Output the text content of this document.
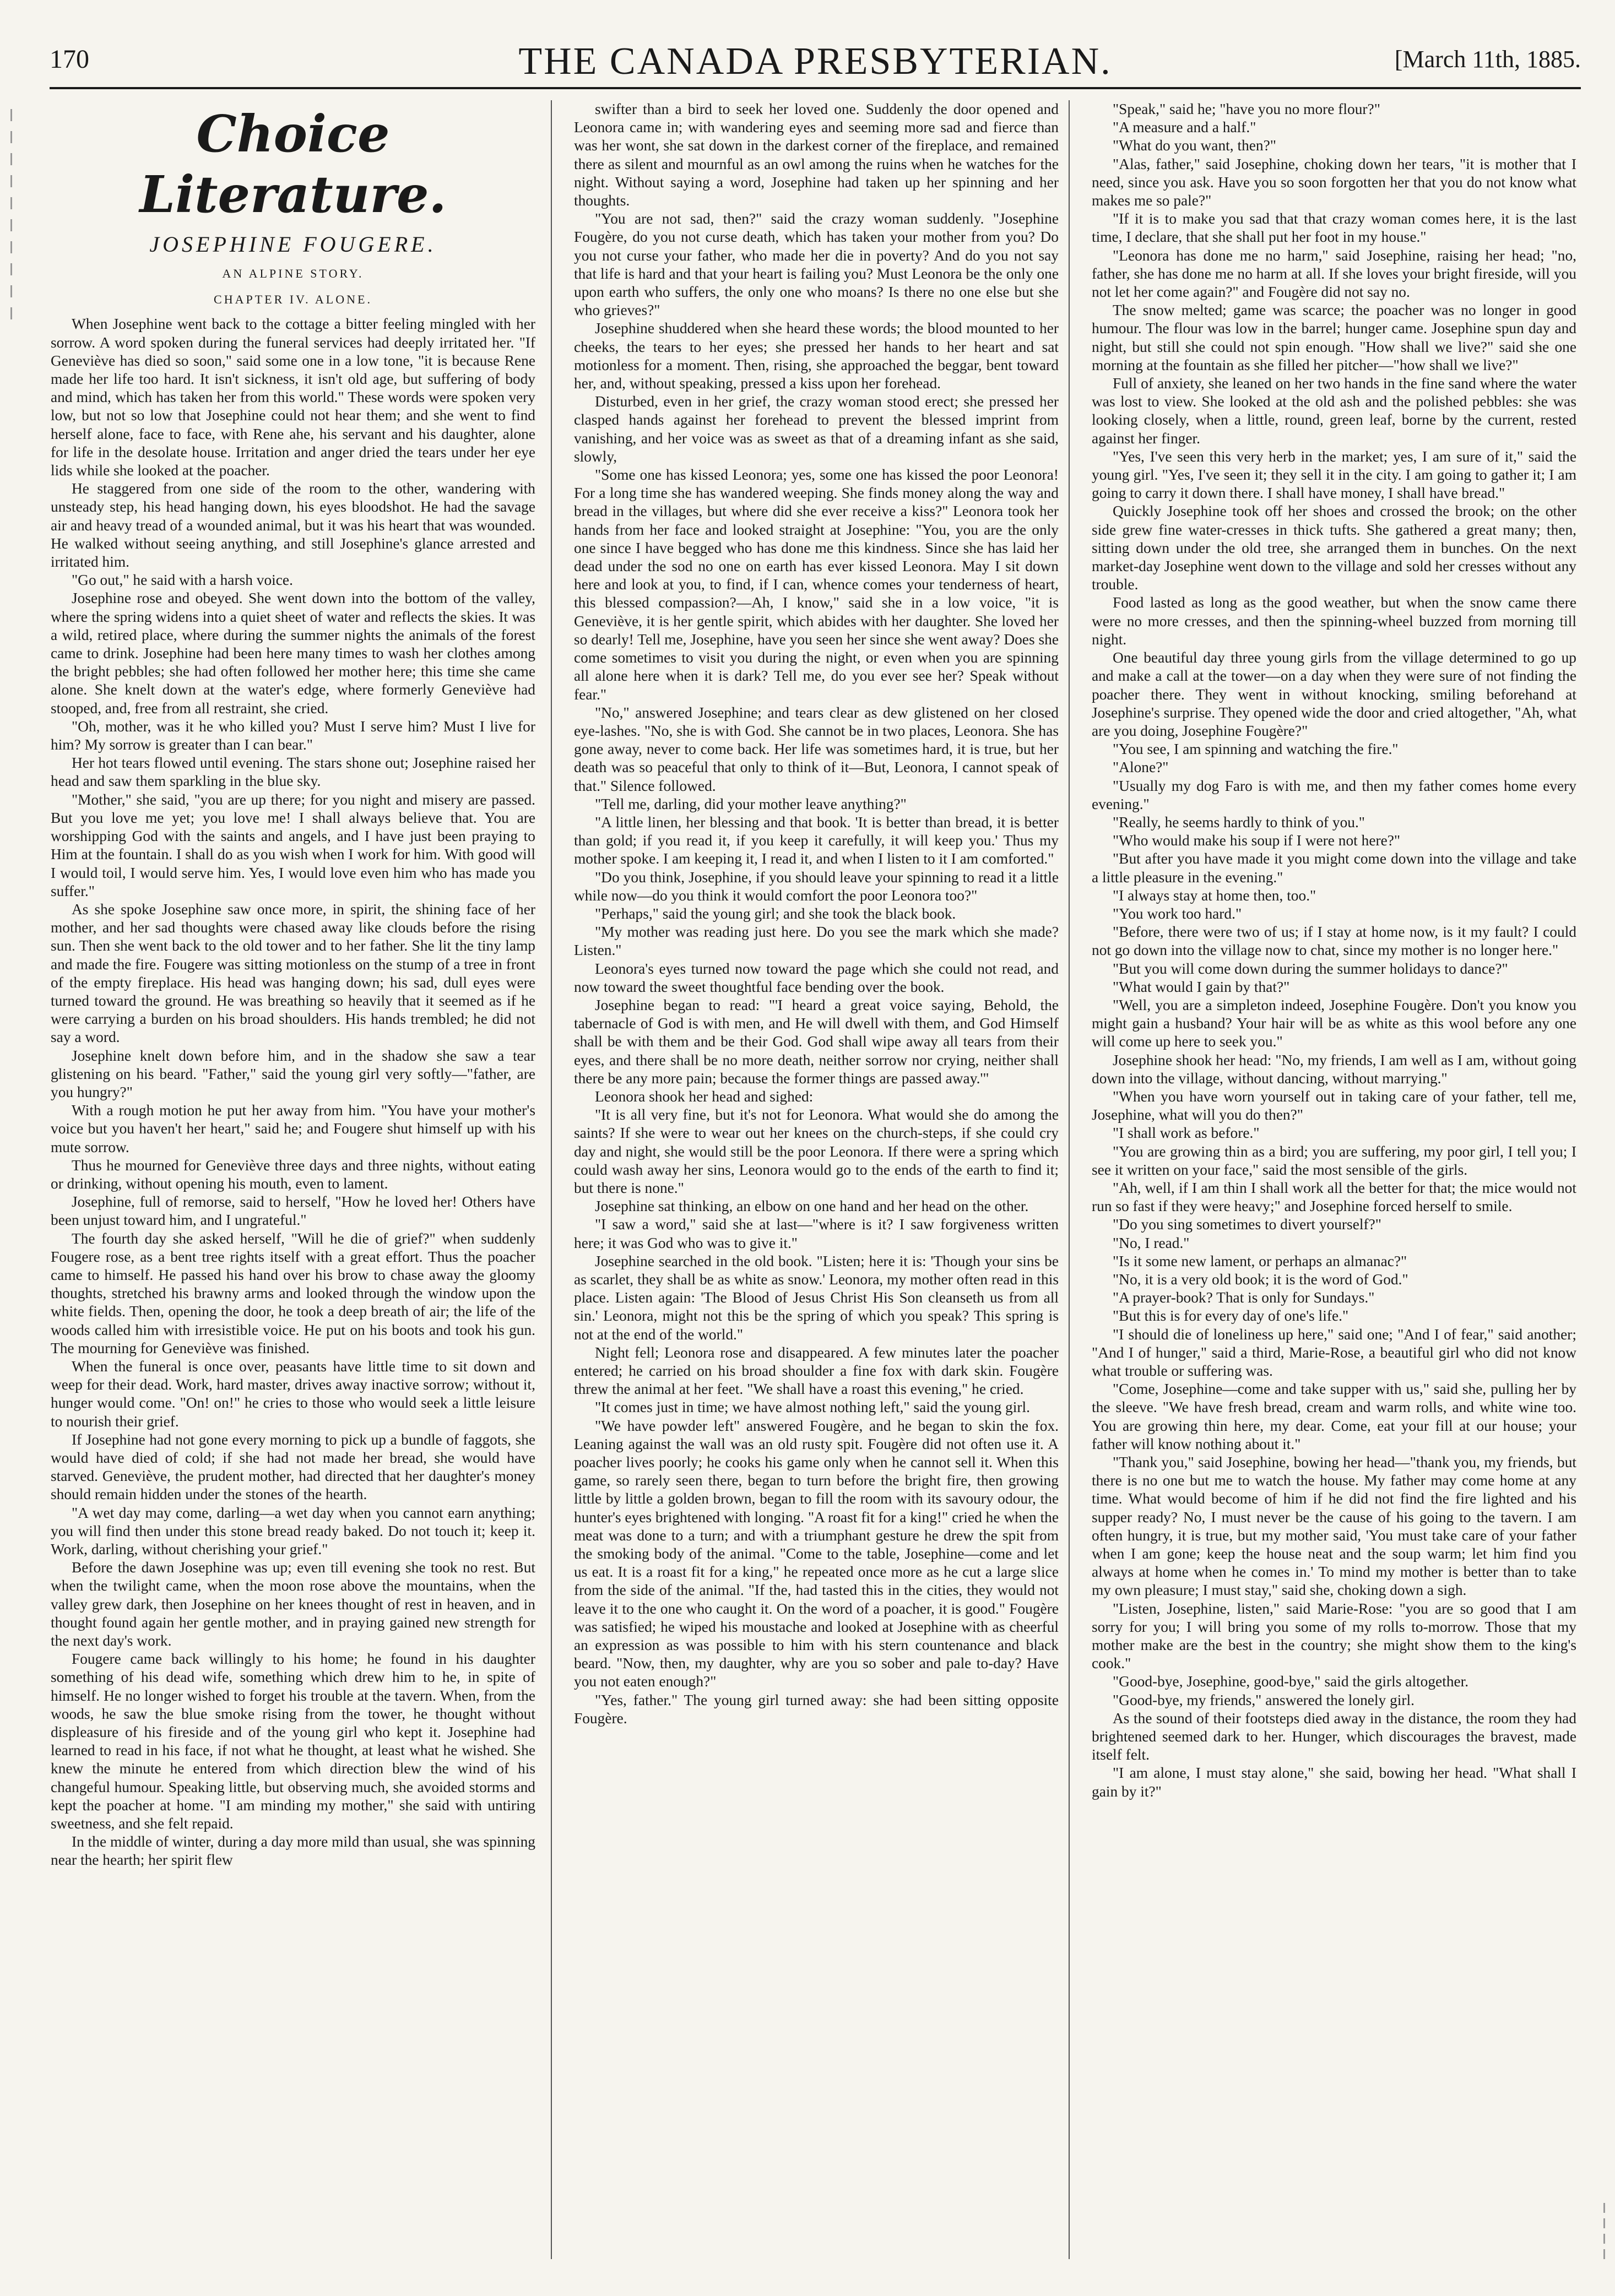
170	THE CANADA PRESBYTERIAN.	[March 11th, 1885.
Choice Literature.
JOSEPHINE FOUGERE.
AN ALPINE STORY.
CHAPTER IV. ALONE.

When Josephine went back to the cottage a bitter feeling mingled with her sorrow. A word spoken during the funeral services had deeply irritated her. "If Geneviève has died so soon," said some one in a low tone, "it is because Rene made her life too hard. It isn't sickness, it isn't old age, but suffering of body and mind, which has taken her from this world." These words were spoken very low, but not so low that Josephine could not hear them; and she went to find herself alone, face to face, with Rene ahe, his servant and his daughter, alone for life in the desolate house. Irritation and anger dried the tears under her eye lids while she looked at the poacher.

He staggered from one side of the room to the other, wandering with unsteady step, his head hanging down, his eyes bloodshot. He had the savage air and heavy tread of a wounded animal, but it was his heart that was wounded. He walked without seeing anything, and still Josephine's glance arrested and irritated him.

"Go out," he said with a harsh voice.

Josephine rose and obeyed. She went down into the bottom of the valley, where the spring widens into a quiet sheet of water and reflects the skies. It was a wild, retired place, where during the summer nights the animals of the forest came to drink. Josephine had been here many times to wash her clothes among the bright pebbles; she had often followed her mother here; this time she came alone. She knelt down at the water's edge, where formerly Geneviève had stooped, and, free from all restraint, she cried.

"Oh, mother, was it he who killed you? Must I serve him? Must I live for him? My sorrow is greater than I can bear."

Her hot tears flowed until evening. The stars shone out; Josephine raised her head and saw them sparkling in the blue sky.

"Mother," she said, "you are up there; for you night and misery are passed. But you love me yet; you love me! I shall always believe that. You are worshipping God with the saints and angels, and I have just been praying to Him at the fountain. I shall do as you wish when I work for him. With good will I would toil, I would serve him. Yes, I would love even him who has made you suffer."

As she spoke Josephine saw once more, in spirit, the shining face of her mother, and her sad thoughts were chased away like clouds before the rising sun. Then she went back to the old tower and to her father. She lit the tiny lamp and made the fire. Fougere was sitting motionless on the stump of a tree in front of the empty fireplace. His head was hanging down; his sad, dull eyes were turned toward the ground. He was breathing so heavily that it seemed as if he were carrying a burden on his broad shoulders. His hands trembled; he did not say a word.

Josephine knelt down before him, and in the shadow she saw a tear glistening on his beard. "Father," said the young girl very softly—"father, are you hungry?"

With a rough motion he put her away from him. "You have your mother's voice but you haven't her heart," said he; and Fougere shut himself up with his mute sorrow.

Thus he mourned for Geneviève three days and three nights, without eating or drinking, without opening his mouth, even to lament.

Josephine, full of remorse, said to herself, "How he loved her! Others have been unjust toward him, and I ungrateful."

The fourth day she asked herself, "Will he die of grief?" when suddenly Fougere rose, as a bent tree rights itself with a great effort. Thus the poacher came to himself. He passed his hand over his brow to chase away the gloomy thoughts, stretched his brawny arms and looked through the window upon the white fields. Then, opening the door, he took a deep breath of air; the life of the woods called him with irresistible voice. He put on his boots and took his gun. The mourning for Geneviève was finished.

When the funeral is once over, peasants have little time to sit down and weep for their dead. Work, hard master, drives away inactive sorrow; without it, hunger would come. "On! on!" he cries to those who would seek a little leisure to nourish their grief.

If Josephine had not gone every morning to pick up a bundle of faggots, she would have died of cold; if she had not made her bread, she would have starved. Geneviève, the prudent mother, had directed that her daughter's money should remain hidden under the stones of the hearth.

"A wet day may come, darling—a wet day when you cannot earn anything; you will find then under this stone bread ready baked. Do not touch it; keep it. Work, darling, without cherishing your grief."

Before the dawn Josephine was up; even till evening she took no rest. But when the twilight came, when the moon rose above the mountains, when the valley grew dark, then Josephine on her knees thought of rest in heaven, and in thought found again her gentle mother, and in praying gained new strength for the next day's work.

Fougere came back willingly to his home; he found in his daughter something of his dead wife, something which drew him to he, in spite of himself. He no longer wished to forget his trouble at the tavern. When, from the woods, he saw the blue smoke rising from the tower, he thought without displeasure of his fireside and of the young girl who kept it. Josephine had learned to read in his face, if not what he thought, at least what he wished. She knew the minute he entered from which direction blew the wind of his changeful humour. Speaking little, but observing much, she avoided storms and kept the poacher at home. "I am minding my mother," she said with untiring sweetness, and she felt repaid.

In the middle of winter, during a day more mild than usual, she was spinning near the hearth; her spirit flew

swifter than a bird to seek her loved one. Suddenly the door opened and Leonora came in; with wandering eyes and seeming more sad and fierce than was her wont, she sat down in the darkest corner of the fireplace, and remained there as silent and mournful as an owl among the ruins when he watches for the night. Without saying a word, Josephine had taken up her spinning and her thoughts.

"You are not sad, then?" said the crazy woman suddenly. "Josephine Fougère, do you not curse death, which has taken your mother from you? Do you not curse your father, who made her die in poverty? And do you not say that life is hard and that your heart is failing you? Must Leonora be the only one upon earth who suffers, the only one who moans? Is there no one else but she who grieves?"

Josephine shuddered when she heard these words; the blood mounted to her cheeks, the tears to her eyes; she pressed her hands to her heart and sat motionless for a moment. Then, rising, she approached the beggar, bent toward her, and, without speaking, pressed a kiss upon her forehead.

Disturbed, even in her grief, the crazy woman stood erect; she pressed her clasped hands against her forehead to prevent the blessed imprint from vanishing, and her voice was as sweet as that of a dreaming infant as she said, slowly,

"Some one has kissed Leonora; yes, some one has kissed the poor Leonora! For a long time she has wandered weeping. She finds money along the way and bread in the villages, but where did she ever receive a kiss?" Leonora took her hands from her face and looked straight at Josephine: "You, you are the only one since I have begged who has done me this kindness. Since she has laid her dead under the sod no one on earth has ever kissed Leonora. May I sit down here and look at you, to find, if I can, whence comes your tenderness of heart, this blessed compassion?—Ah, I know," said she in a low voice, "it is Geneviève, it is her gentle spirit, which abides with her daughter. She loved her so dearly! Tell me, Josephine, have you seen her since she went away? Does she come sometimes to visit you during the night, or even when you are spinning all alone here when it is dark? Tell me, do you ever see her? Speak without fear."

"No," answered Josephine; and tears clear as dew glistened on her closed eye-lashes. "No, she is with God. She cannot be in two places, Leonora. She has gone away, never to come back. Her life was sometimes hard, it is true, but her death was so peaceful that only to think of it—But, Leonora, I cannot speak of that." Silence followed.

"Tell me, darling, did your mother leave anything?"

"A little linen, her blessing and that book. 'It is better than bread, it is better than gold; if you read it, if you keep it carefully, it will keep you.' Thus my mother spoke. I am keeping it, I read it, and when I listen to it I am comforted."

"Do you think, Josephine, if you should leave your spinning to read it a little while now—do you think it would comfort the poor Leonora too?"

"Perhaps," said the young girl; and she took the black book.

"My mother was reading just here. Do you see the mark which she made? Listen."

Leonora's eyes turned now toward the page which she could not read, and now toward the sweet thoughtful face bending over the book.

Josephine began to read: "'I heard a great voice saying, Behold, the tabernacle of God is with men, and He will dwell with them, and God Himself shall be with them and be their God. God shall wipe away all tears from their eyes, and there shall be no more death, neither sorrow nor crying, neither shall there be any more pain; because the former things are passed away.'"

Leonora shook her head and sighed:

"It is all very fine, but it's not for Leonora. What would she do among the saints? If she were to wear out her knees on the church-steps, if she could cry day and night, she would still be the poor Leonora. If there were a spring which could wash away her sins, Leonora would go to the ends of the earth to find it; but there is none."

Josephine sat thinking, an elbow on one hand and her head on the other.

"I saw a word," said she at last—"where is it? I saw forgiveness written here; it was God who was to give it."

Josephine searched in the old book. "Listen; here it is: 'Though your sins be as scarlet, they shall be as white as snow.' Leonora, my mother often read in this place. Listen again: 'The Blood of Jesus Christ His Son cleanseth us from all sin.' Leonora, might not this be the spring of which you speak? This spring is not at the end of the world."

Night fell; Leonora rose and disappeared. A few minutes later the poacher entered; he carried on his broad shoulder a fine fox with dark skin. Fougère threw the animal at her feet. "We shall have a roast this evening," he cried.

"It comes just in time; we have almost nothing left," said the young girl.

"We have powder left" answered Fougère, and he began to skin the fox. Leaning against the wall was an old rusty spit. Fougère did not often use it. A poacher lives poorly; he cooks his game only when he cannot sell it. When this game, so rarely seen there, began to turn before the bright fire, then growing little by little a golden brown, began to fill the room with its savoury odour, the hunter's eyes brightened with longing. "A roast fit for a king!" cried he when the meat was done to a turn; and with a triumphant gesture he drew the spit from the smoking body of the animal. "Come to the table, Josephine—come and let us eat. It is a roast fit for a king," he repeated once more as he cut a large slice from the side of the animal. "If the, had tasted this in the cities, they would not leave it to the one who caught it. On the word of a poacher, it is good." Fougère was satisfied; he wiped his moustache and looked at Josephine with as cheerful an expression as was possible to him with his stern countenance and black beard. "Now, then, my daughter, why are you so sober and pale to-day? Have you not eaten enough?"

"Yes, father." The young girl turned away: she had been sitting opposite Fougère.

"Speak," said he; "have you no more flour?"

"A measure and a half."

"What do you want, then?"

"Alas, father," said Josephine, choking down her tears, "it is mother that I need, since you ask. Have you so soon forgotten her that you do not know what makes me so pale?"

"If it is to make you sad that that crazy woman comes here, it is the last time, I declare, that she shall put her foot in my house."

"Leonora has done me no harm," said Josephine, raising her head; "no, father, she has done me no harm at all. If she loves your bright fireside, will you not let her come again?" and Fougère did not say no.

The snow melted; game was scarce; the poacher was no longer in good humour. The flour was low in the barrel; hunger came. Josephine spun day and night, but still she could not spin enough. "How shall we live?" said she one morning at the fountain as she filled her pitcher—"how shall we live?"

Full of anxiety, she leaned on her two hands in the fine sand where the water was lost to view. She looked at the old ash and the polished pebbles: she was looking closely, when a little, round, green leaf, borne by the current, rested against her finger.

"Yes, I've seen this very herb in the market; yes, I am sure of it," said the young girl. "Yes, I've seen it; they sell it in the city. I am going to gather it; I am going to carry it down there. I shall have money, I shall have bread."

Quickly Josephine took off her shoes and crossed the brook; on the other side grew fine water-cresses in thick tufts. She gathered a great many; then, sitting down under the old tree, she arranged them in bunches. On the next market-day Josephine went down to the village and sold her cresses without any trouble.

Food lasted as long as the good weather, but when the snow came there were no more cresses, and then the spinning-wheel buzzed from morning till night.

One beautiful day three young girls from the village determined to go up and make a call at the tower—on a day when they were sure of not finding the poacher there. They went in without knocking, smiling beforehand at Josephine's surprise. They opened wide the door and cried altogether, "Ah, what are you doing, Josephine Fougère?"

"You see, I am spinning and watching the fire."

"Alone?"

"Usually my dog Faro is with me, and then my father comes home every evening."

"Really, he seems hardly to think of you."

"Who would make his soup if I were not here?"

"But after you have made it you might come down into the village and take a little pleasure in the evening."

"I always stay at home then, too."

"You work too hard."

"Before, there were two of us; if I stay at home now, is it my fault? I could not go down into the village now to chat, since my mother is no longer here."

"But you will come down during the summer holidays to dance?"

"What would I gain by that?"

"Well, you are a simpleton indeed, Josephine Fougère. Don't you know you might gain a husband? Your hair will be as white as this wool before any one will come up here to seek you."

Josephine shook her head: "No, my friends, I am well as I am, without going down into the village, without dancing, without marrying."

"When you have worn yourself out in taking care of your father, tell me, Josephine, what will you do then?"

"I shall work as before."

"You are growing thin as a bird; you are suffering, my poor girl, I tell you; I see it written on your face," said the most sensible of the girls.

"Ah, well, if I am thin I shall work all the better for that; the mice would not run so fast if they were heavy;" and Josephine forced herself to smile.

"Do you sing sometimes to divert yourself?"

"No, I read."

"Is it some new lament, or perhaps an almanac?"

"No, it is a very old book; it is the word of God."

"A prayer-book? That is only for Sundays."

"But this is for every day of one's life."

"I should die of loneliness up here," said one; "And I of fear," said another; "And I of hunger," said a third, Marie-Rose, a beautiful girl who did not know what trouble or suffering was.

"Come, Josephine—come and take supper with us," said she, pulling her by the sleeve. "We have fresh bread, cream and warm rolls, and white wine too. You are growing thin here, my dear. Come, eat your fill at our house; your father will know nothing about it."

"Thank you," said Josephine, bowing her head—"thank you, my friends, but there is no one but me to watch the house. My father may come home at any time. What would become of him if he did not find the fire lighted and his supper ready? No, I must never be the cause of his going to the tavern. I am often hungry, it is true, but my mother said, 'You must take care of your father when I am gone; keep the house neat and the soup warm; let him find you always at home when he comes in.' To mind my mother is better than to take my own pleasure; I must stay," said she, choking down a sigh.

"Listen, Josephine, listen," said Marie-Rose: "you are so good that I am sorry for you; I will bring you some of my rolls to-morrow. Those that my mother make are the best in the country; she might show them to the king's cook."

"Good-bye, Josephine, good-bye," said the girls altogether.

"Good-bye, my friends," answered the lonely girl.

As the sound of their footsteps died away in the distance, the room they had brightened seemed dark to her. Hunger, which discourages the bravest, made itself felt.

"I am alone, I must stay alone," she said, bowing her head. "What shall I gain by it?"
